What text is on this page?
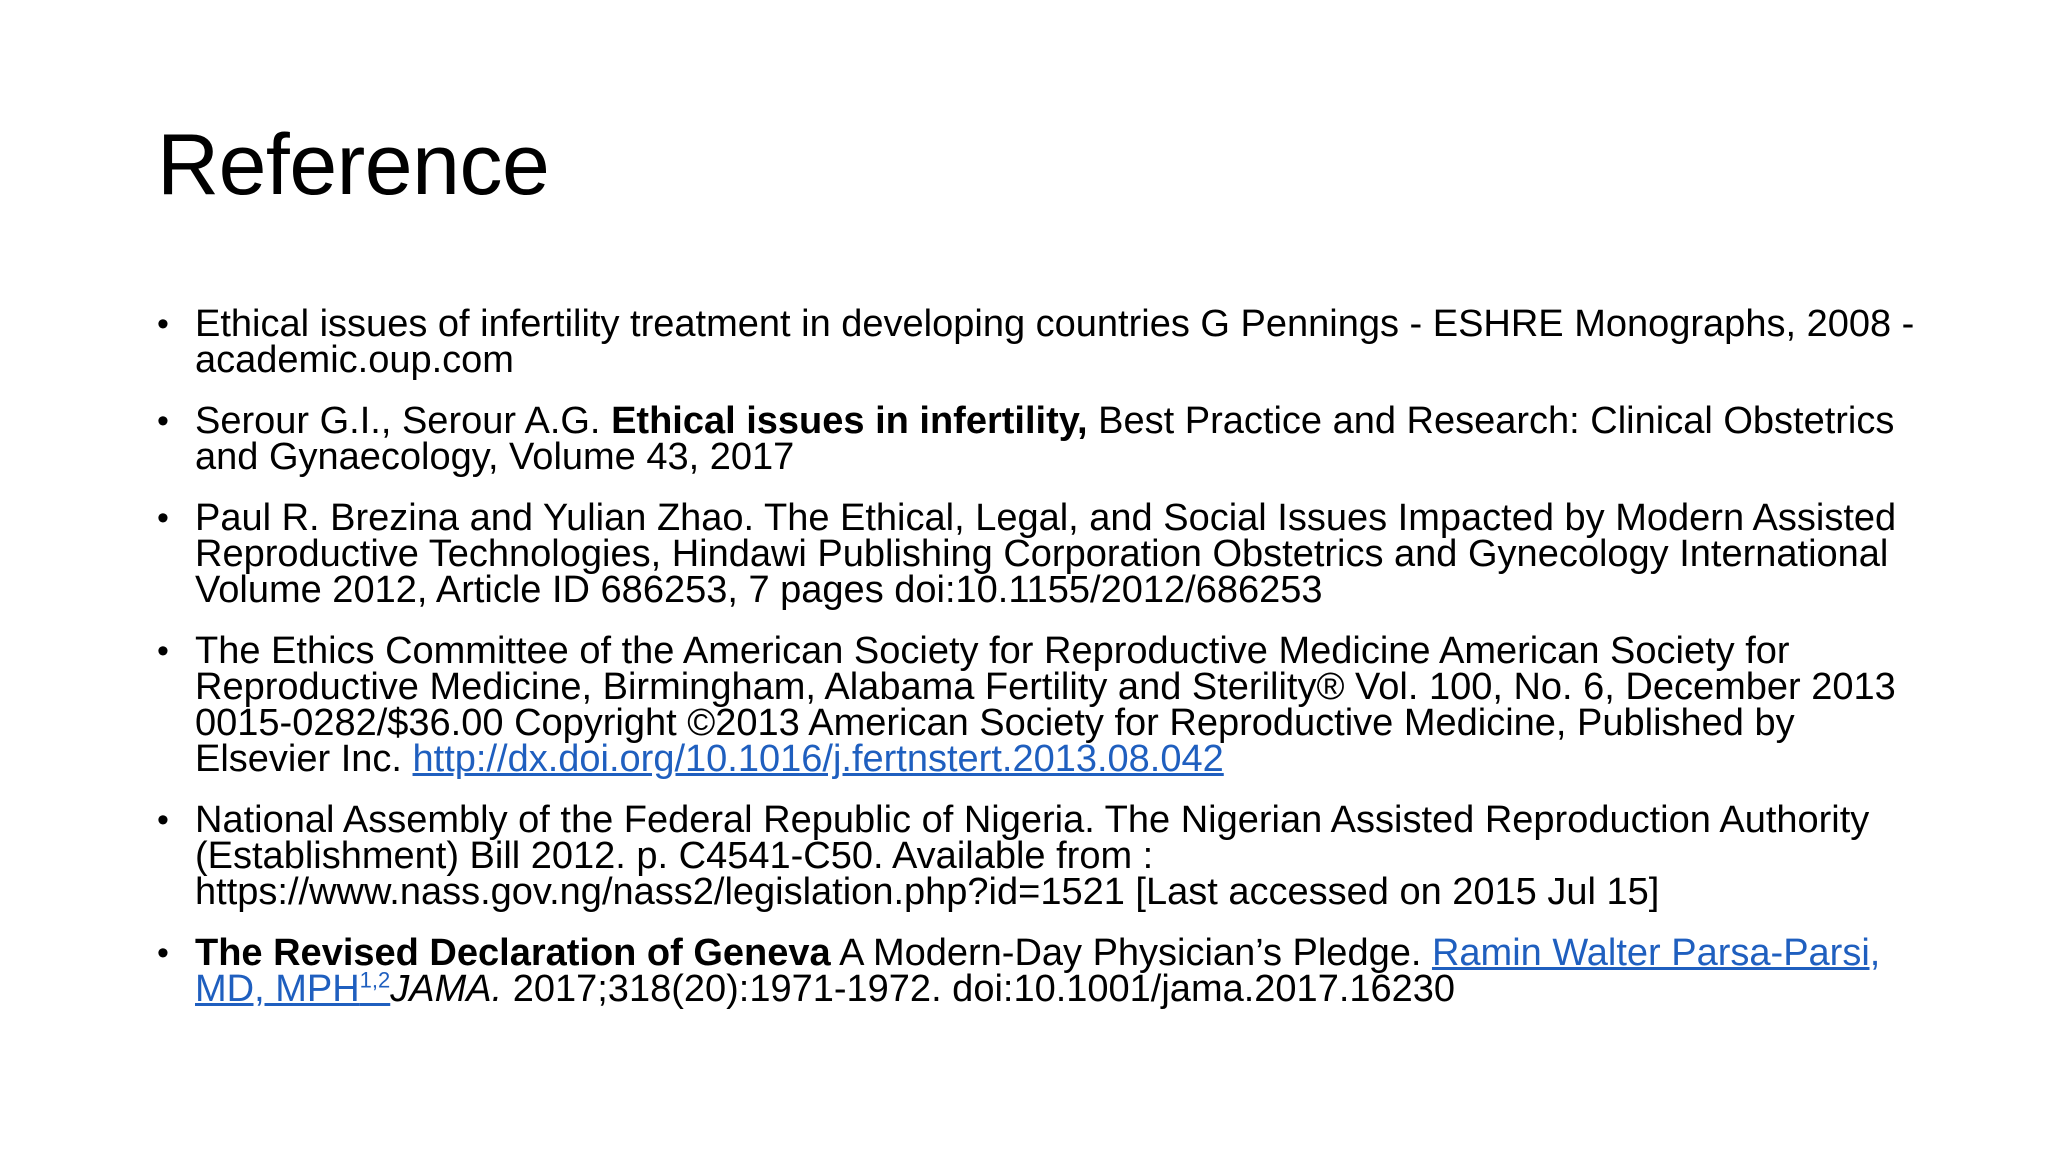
Reference
• Ethical issues of infertility treatment in developing countries G Pennings - ESHRE Monographs, 2008 - academic.oup.com
• Serour G.I., Serour A.G. Ethical issues in infertility, Best Practice and Research: Clinical Obstetrics and Gynaecology, Volume 43, 2017
• Paul R. Brezina and Yulian Zhao. The Ethical, Legal, and Social Issues Impacted by Modern Assisted Reproductive Technologies, Hindawi Publishing Corporation Obstetrics and Gynecology International Volume 2012, Article ID 686253, 7 pages doi:10.1155/2012/686253
• The Ethics Committee of the American Society for Reproductive Medicine American Society for Reproductive Medicine, Birmingham, Alabama Fertility and Sterility® Vol. 100, No. 6, December 2013 0015-0282/$36.00 Copyright ©2013 American Society for Reproductive Medicine, Published by Elsevier Inc. http://dx.doi.org/10.1016/j.fertnstert.2013.08.042
• National Assembly of the Federal Republic of Nigeria. The Nigerian Assisted Reproduction Authority (Establishment) Bill 2012. p. C4541-C50. Available from : https://www.nass.gov.ng/nass2/legislation.php?id=1521 [Last accessed on 2015 Jul 15]
• The Revised Declaration of Geneva A Modern-Day Physician’s Pledge. Ramin Walter Parsa-Parsi, MD, MPH$^{1,2}$JAMA. 2017;318(20):1971-1972. doi:10.1001/jama.2017.16230
